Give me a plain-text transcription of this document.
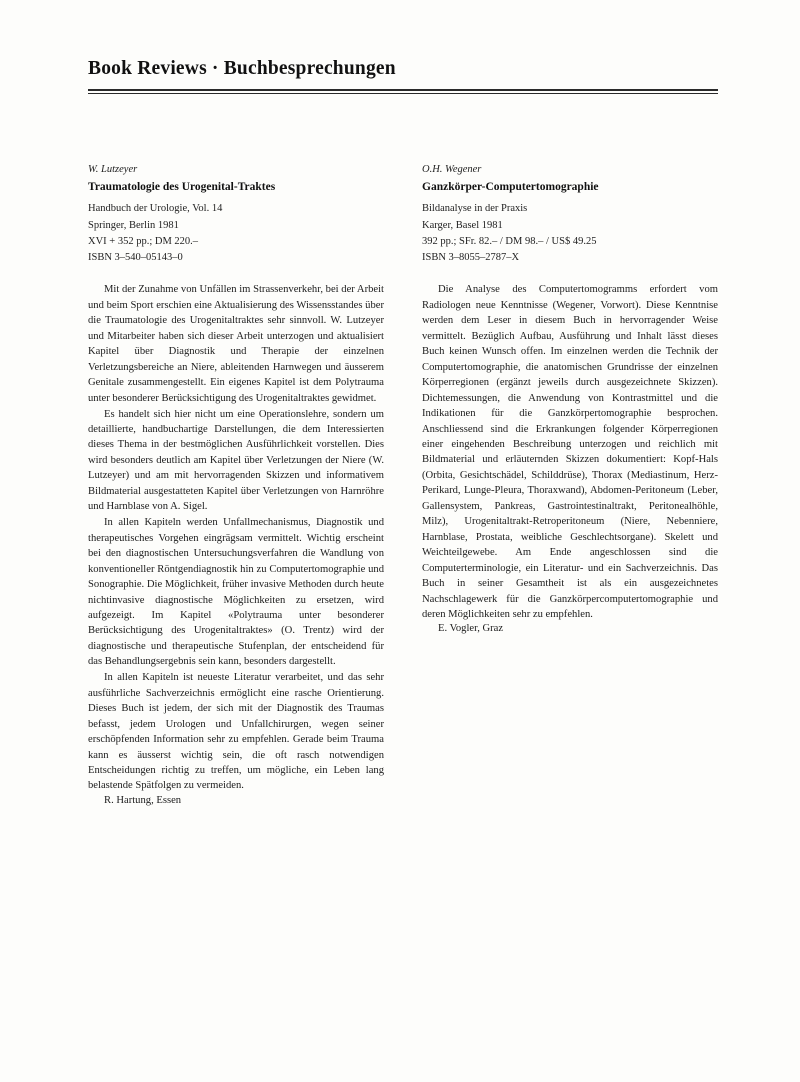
Book Reviews · Buchbesprechungen
W. Lutzeyer
Traumatologie des Urogenital-Traktes
Handbuch der Urologie, Vol. 14
Springer, Berlin 1981
XVI + 352 pp.; DM 220.–
ISBN 3–540–05143–0

Mit der Zunahme von Unfällen im Strassenverkehr, bei der Arbeit und beim Sport erschien eine Aktualisierung des Wissensstandes über die Traumatologie des Urogenitaltraktes sehr sinnvoll. W. Lutzeyer und Mitarbeiter haben sich dieser Arbeit unterzogen und aktualisiert Kapitel über Diagnostik und Therapie der einzelnen Verletzungsbereiche an Niere, ableitenden Harnwegen und äusserem Genitale zusammengestellt. Ein eigenes Kapitel ist dem Polytrauma unter besonderer Berücksichtigung des Urogenitaltraktes gewidmet.

Es handelt sich hier nicht um eine Operationslehre, sondern um detaillierte, handbuchartige Darstellungen, die dem Interessierten dieses Thema in der bestmöglichen Ausführlichkeit vorstellen. Dies wird besonders deutlich am Kapitel über Verletzungen der Niere (W. Lutzeyer) und am mit hervorragenden Skizzen und informativem Bildmaterial ausgestatteten Kapitel über Verletzungen von Harnröhre und Harnblase von A. Sigel.

In allen Kapiteln werden Unfallmechanismus, Diagnostik und therapeutisches Vorgehen eingrägsam vermittelt. Wichtig erscheint bei den diagnostischen Untersuchungsverfahren die Wandlung von konventioneller Röntgendiagnostik hin zu Computertomographie und Sonographie. Die Möglichkeit, früher invasive Methoden durch heute nichtinvasive diagnostische Möglichkeiten zu ersetzen, wird aufgezeigt. Im Kapitel «Polytrauma unter besonderer Berücksichtigung des Urogenitaltraktes» (O. Trentz) wird der diagnostische und therapeutische Stufenplan, der entscheidend für das Behandlungsergebnis sein kann, besonders dargestellt.

In allen Kapiteln ist neueste Literatur verarbeitet, und das sehr ausführliche Sachverzeichnis ermöglicht eine rasche Orientierung. Dieses Buch ist jedem, der sich mit der Diagnostik des Traumas befasst, jedem Urologen und Unfallchirurgen, wegen seiner erschöpfenden Information sehr zu empfehlen. Gerade beim Trauma kann es äusserst wichtig sein, die oft rasch notwendigen Entscheidungen richtig zu treffen, um mögliche, ein Leben lang belastende Spätfolgen zu vermeiden.

R. Hartung, Essen
O.H. Wegener
Ganzkörper-Computertomographie
Bildanalyse in der Praxis
Karger, Basel 1981
392 pp.; SFr. 82.– / DM 98.– / US$ 49.25
ISBN 3–8055–2787–X

Die Analyse des Computertomogramms erfordert vom Radiologen neue Kenntnisse (Wegener, Vorwort). Diese Kenntnise werden dem Leser in diesem Buch in hervorragender Weise vermittelt. Bezüglich Aufbau, Ausführung und Inhalt lässt dieses Buch keinen Wunsch offen. Im einzelnen werden die Technik der Computertomographie, die anatomischen Grundrisse der einzelnen Körperregionen (ergänzt jeweils durch ausgezeichnete Skizzen). Dichtemessungen, die Anwendung von Kontrastmittel und die Indikationen für die Ganzkörpertomographie besprochen. Anschliessend sind die Erkrankungen folgender Körperregionen einer eingehenden Beschreibung unterzogen und reichlich mit Bildmaterial und erläuternden Skizzen dokumentiert: Kopf-Hals (Orbita, Gesichtschädel, Schilddrüse), Thorax (Mediastinum, Herz-Perikard, Lunge-Pleura, Thoraxwand), Abdomen-Peritoneum (Leber, Gallensystem, Pankreas, Gastrointestinaltrakt, Peritonealhöhle, Milz), Urogenitaltrakt-Retroperitoneum (Niere, Nebenniere, Harnblase, Prostata, weibliche Geschlechtsorgane). Skelett und Weichteilgewebe. Am Ende angeschlossen sind die Computerterminologie, ein Literatur- und ein Sachverzeichnis. Das Buch in seiner Gesamtheit ist als ein ausgezeichnetes Nachschlagewerk für die Ganzkörpercomputertomographie und deren Möglichkeiten sehr zu empfehlen.

E. Vogler, Graz
